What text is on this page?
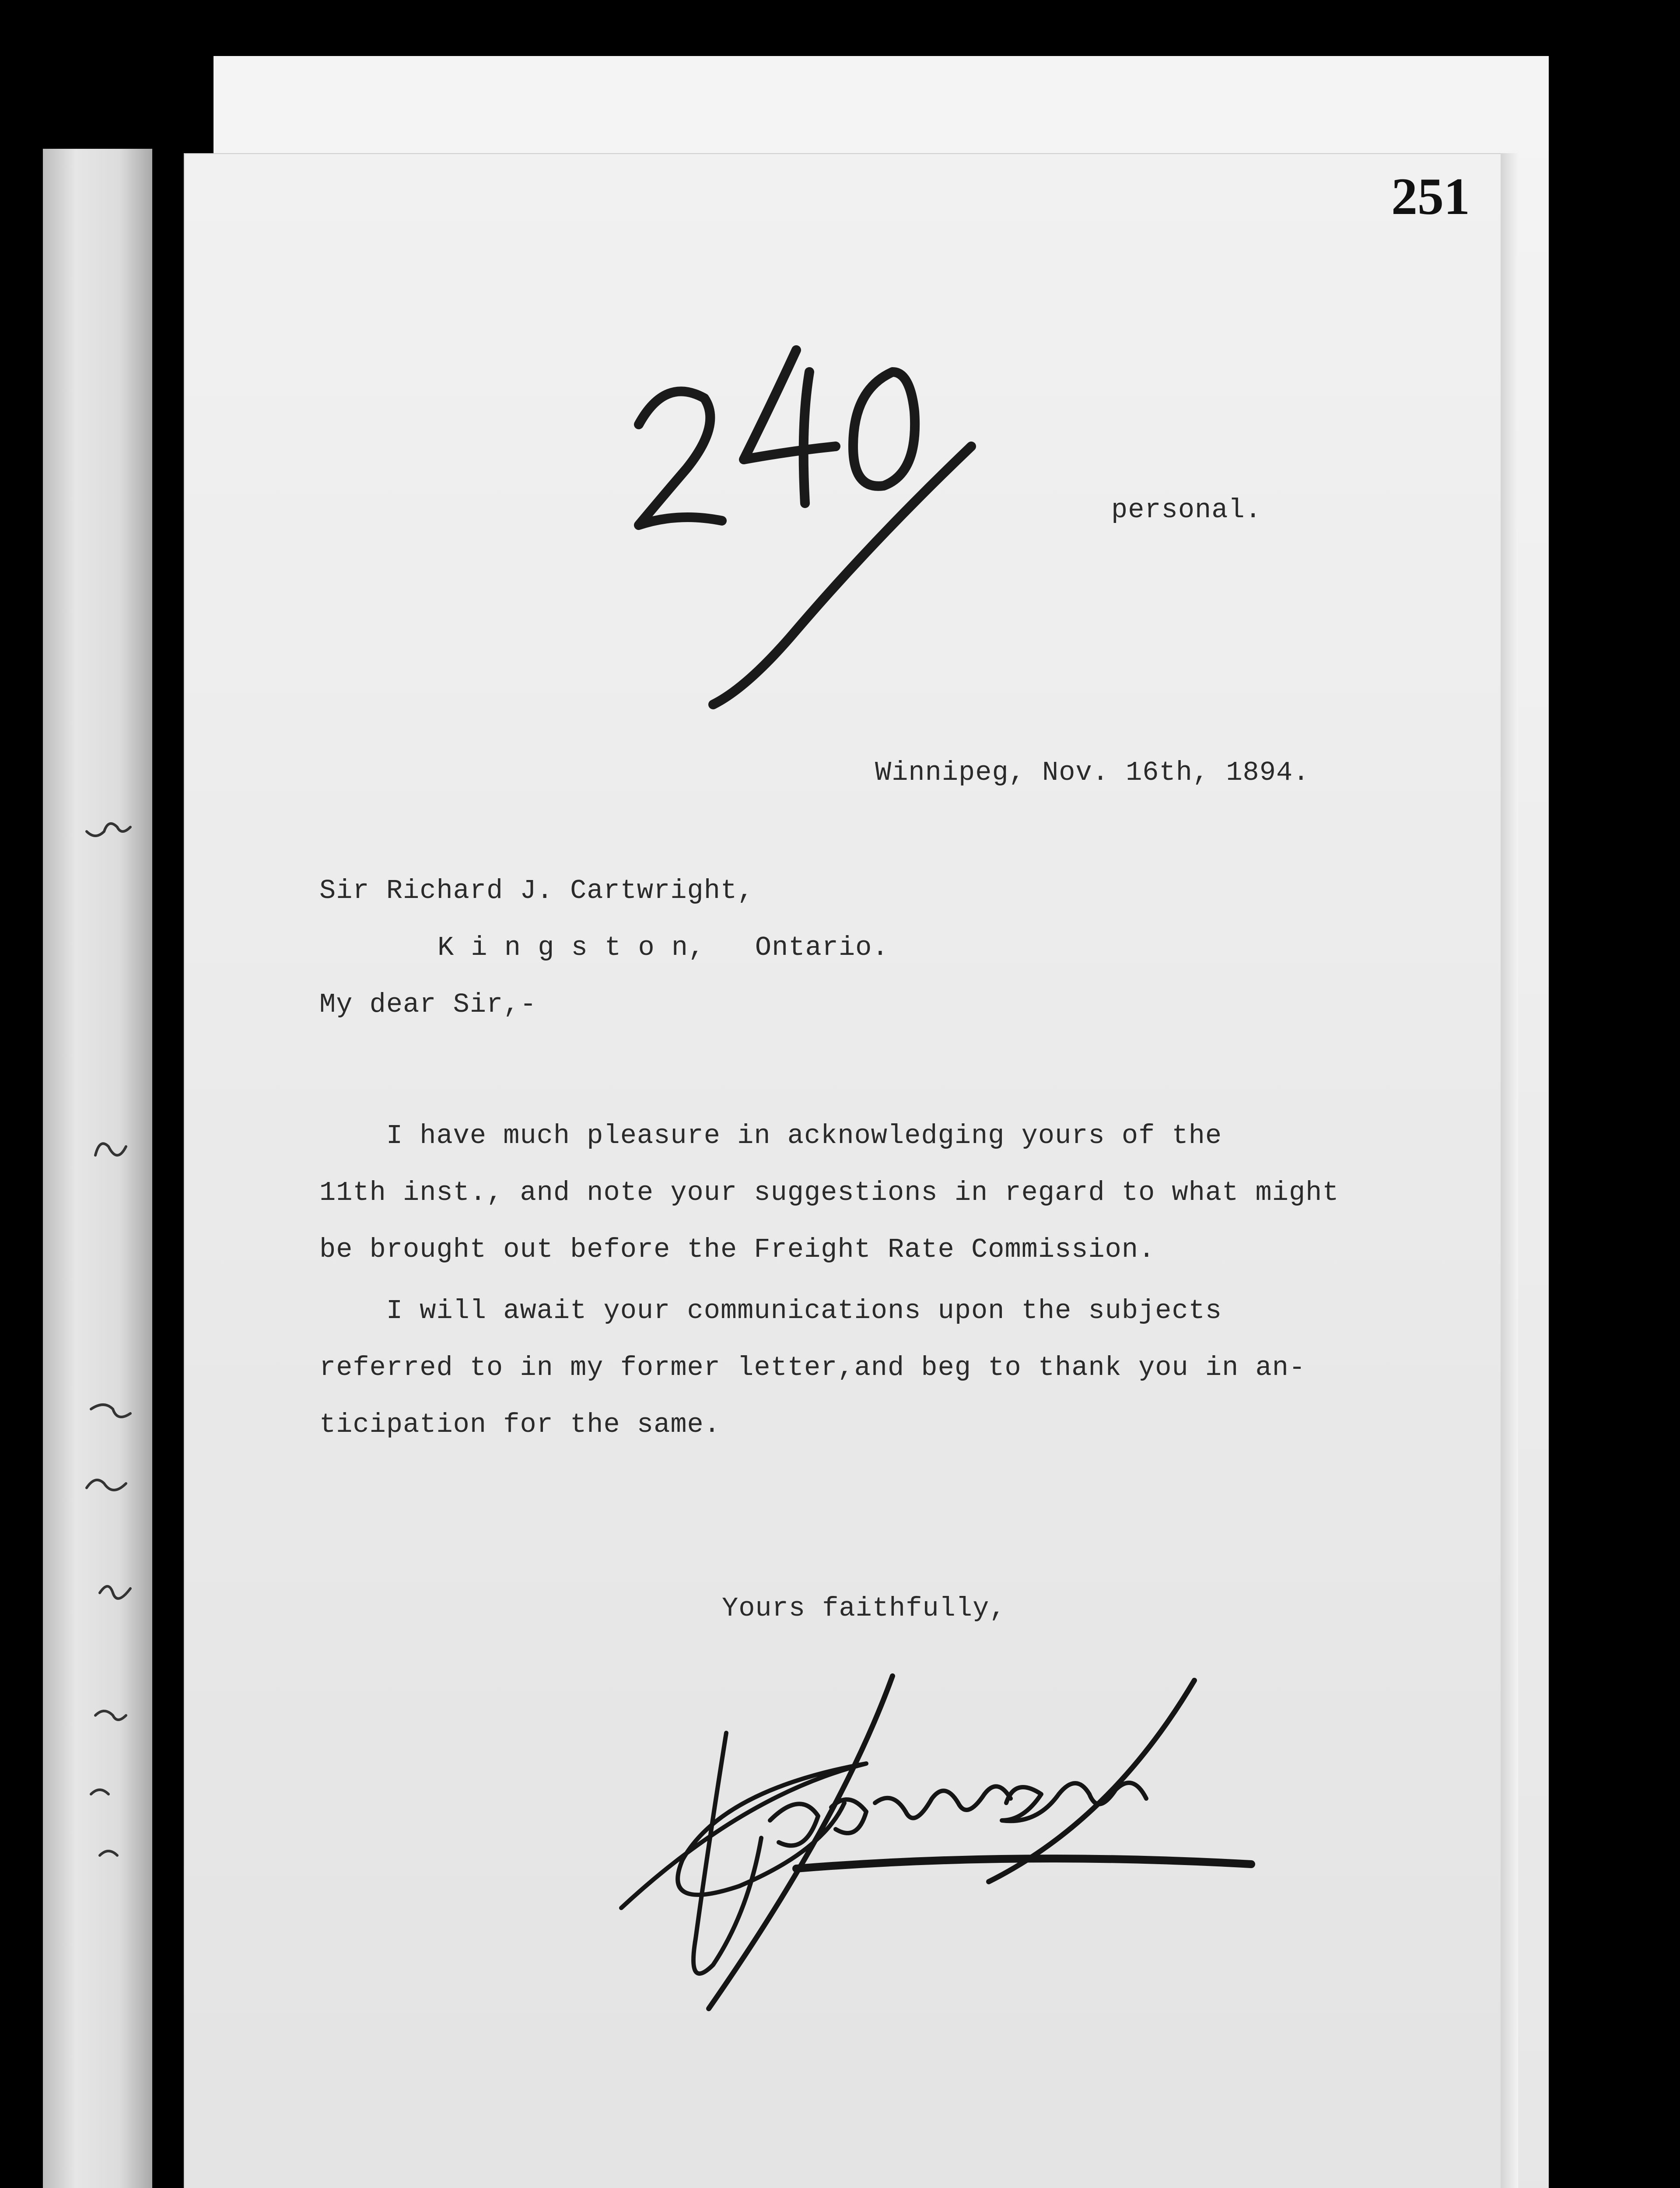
251
personal.
Winnipeg, Nov. 16th, 1894.
Sir Richard J. Cartwright,
K i n g s t o n,   Ontario.
My dear Sir,-
I have much pleasure in acknowledging yours of the
11th inst., and note your suggestions in regard to what might
be brought out before the Freight Rate Commission.
I will await your communications upon the subjects
referred to in my former letter,and beg to thank you in an-
ticipation for the same.
Yours faithfully,
